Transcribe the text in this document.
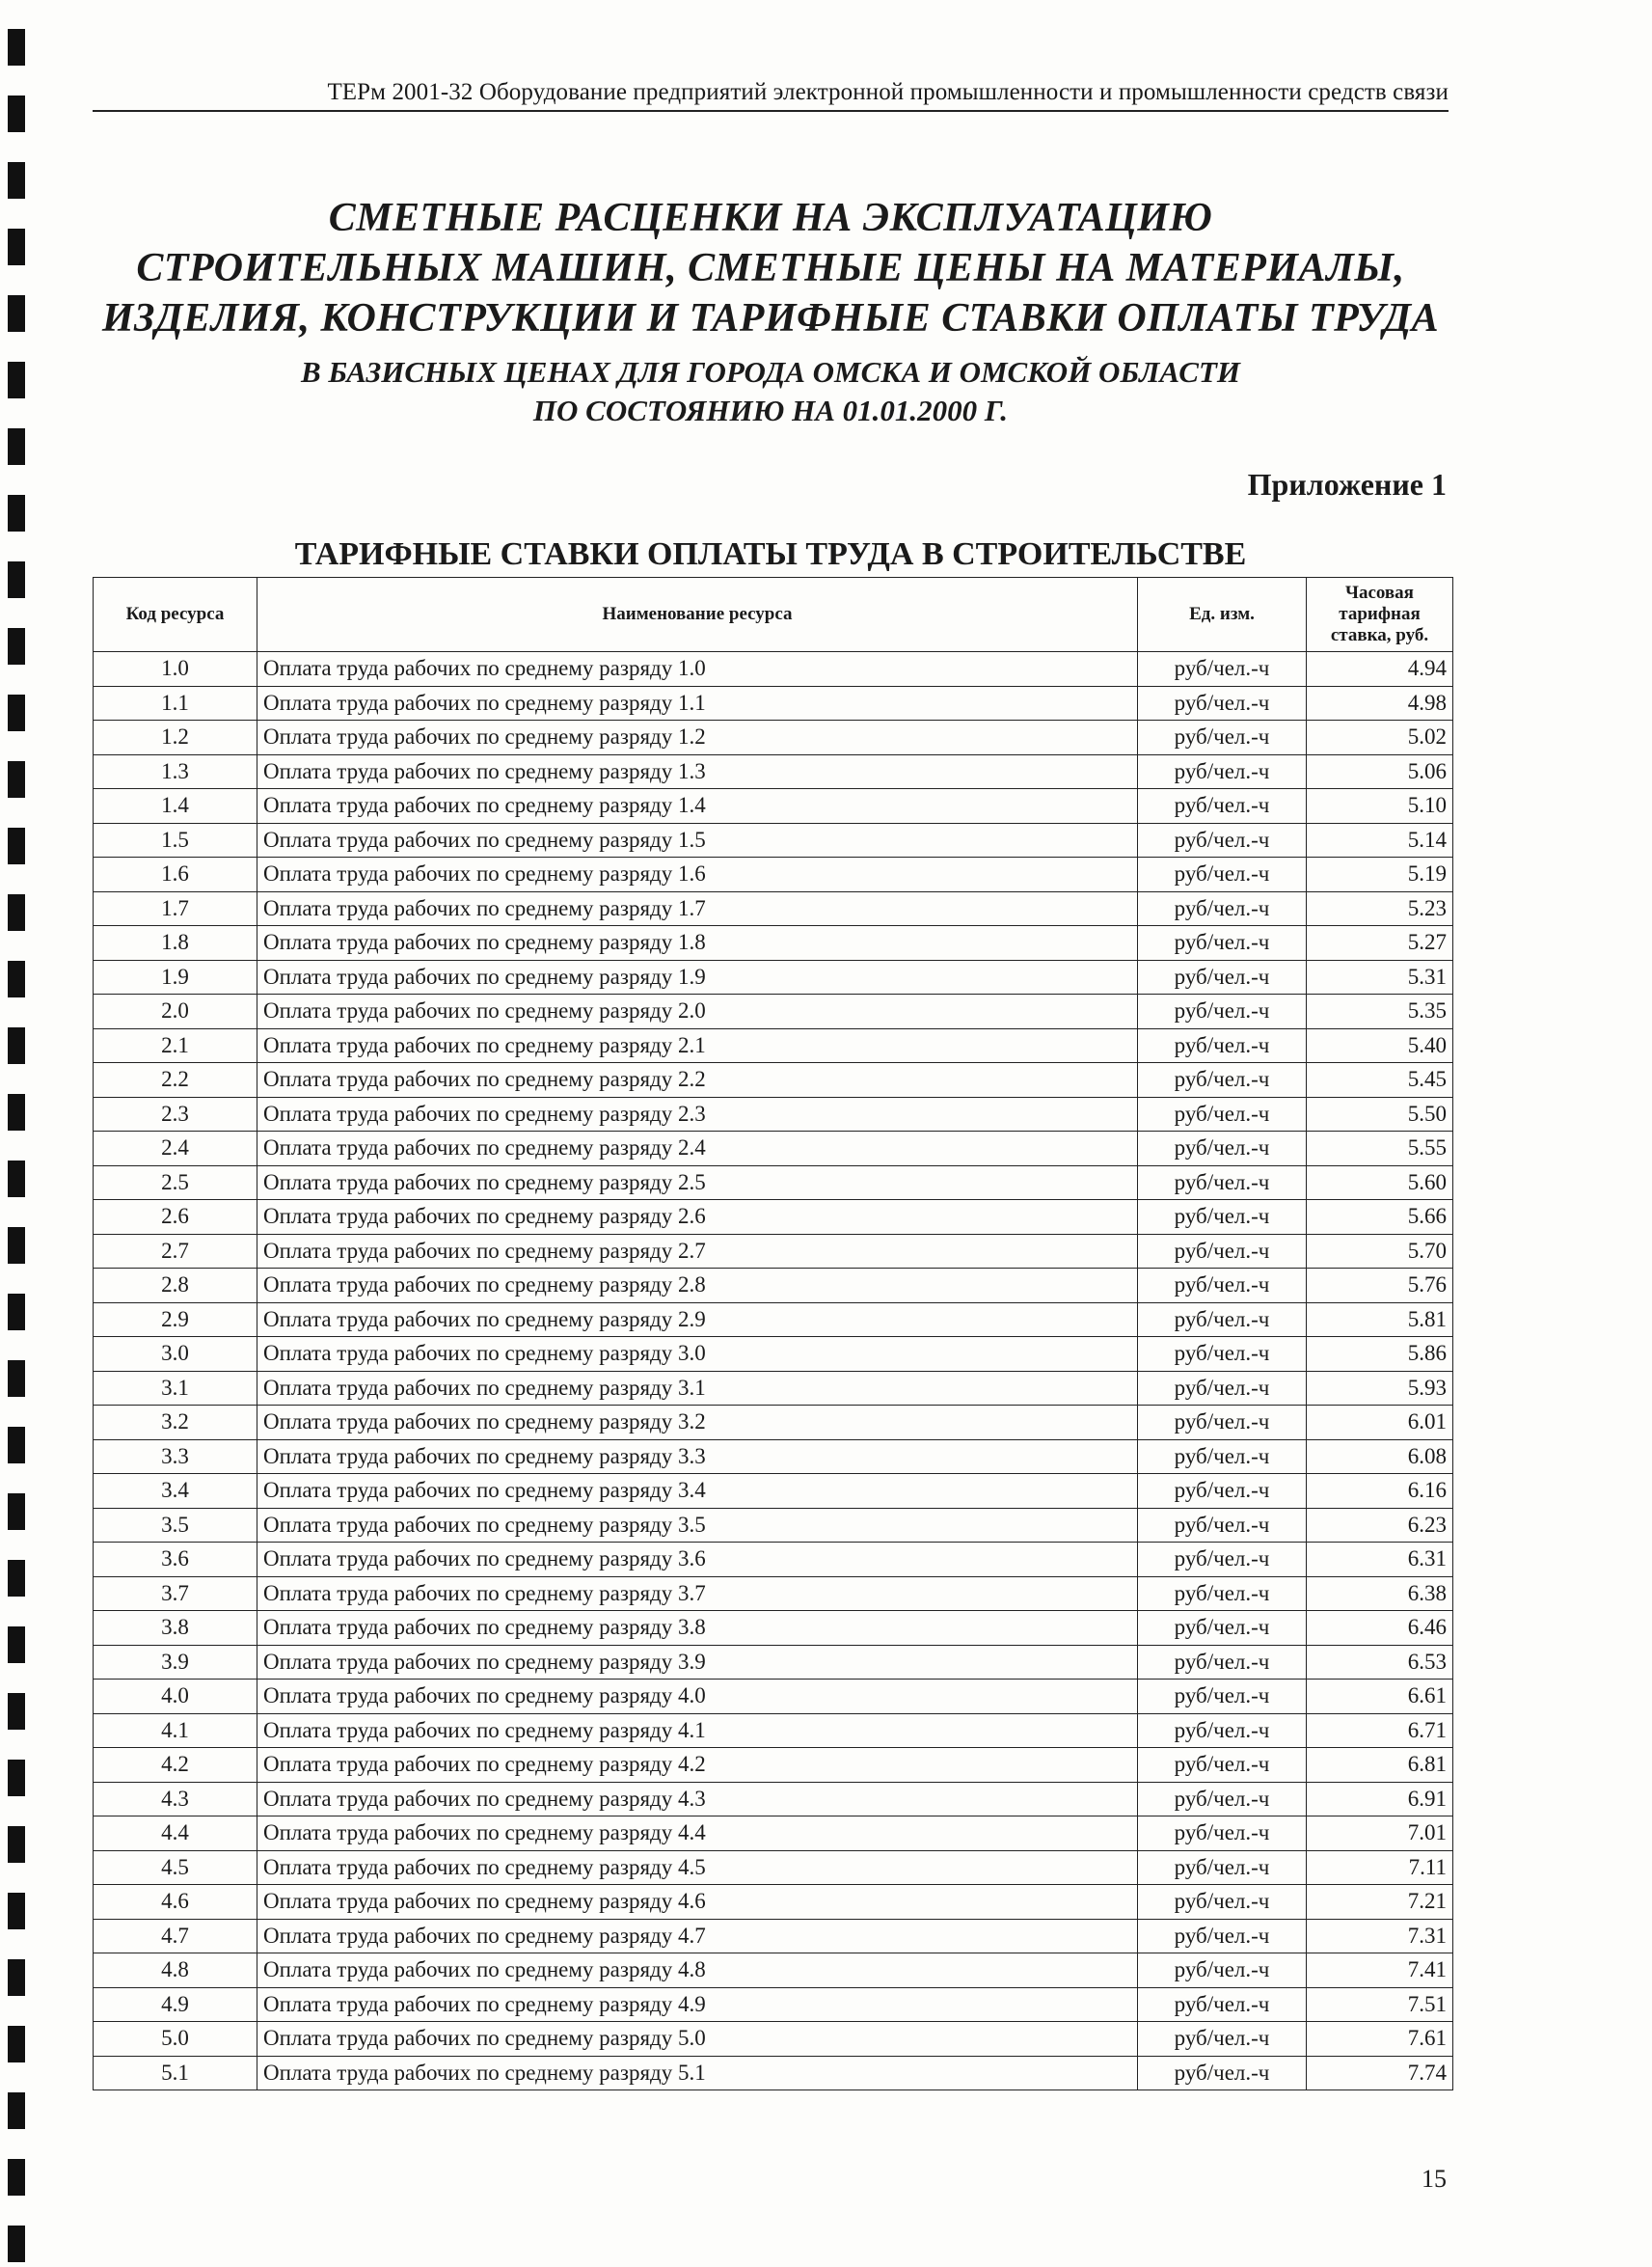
ТЕРм 2001-32 Оборудование предприятий электронной промышленности и промышленности средств связи
СМЕТНЫЕ РАСЦЕНКИ НА ЭКСПЛУАТАЦИЮ
СТРОИТЕЛЬНЫХ МАШИН, СМЕТНЫЕ ЦЕНЫ НА МАТЕРИАЛЫ,
ИЗДЕЛИЯ, КОНСТРУКЦИИ И ТАРИФНЫЕ СТАВКИ ОПЛАТЫ ТРУДА
В БАЗИСНЫХ ЦЕНАХ ДЛЯ ГОРОДА ОМСКА И ОМСКОЙ ОБЛАСТИ
ПО СОСТОЯНИЮ НА 01.01.2000 Г.
Приложение 1
ТАРИФНЫЕ СТАВКИ ОПЛАТЫ ТРУДА В СТРОИТЕЛЬСТВЕ
Код ресурса	Наименование ресурса	Ед. изм.	Часовая тарифная ставка, руб.
1.0	Оплата труда рабочих по среднему разряду 1.0	руб/чел.-ч	4.94
1.1	Оплата труда рабочих по среднему разряду 1.1	руб/чел.-ч	4.98
1.2	Оплата труда рабочих по среднему разряду 1.2	руб/чел.-ч	5.02
1.3	Оплата труда рабочих по среднему разряду 1.3	руб/чел.-ч	5.06
1.4	Оплата труда рабочих по среднему разряду 1.4	руб/чел.-ч	5.10
1.5	Оплата труда рабочих по среднему разряду 1.5	руб/чел.-ч	5.14
1.6	Оплата труда рабочих по среднему разряду 1.6	руб/чел.-ч	5.19
1.7	Оплата труда рабочих по среднему разряду 1.7	руб/чел.-ч	5.23
1.8	Оплата труда рабочих по среднему разряду 1.8	руб/чел.-ч	5.27
1.9	Оплата труда рабочих по среднему разряду 1.9	руб/чел.-ч	5.31
2.0	Оплата труда рабочих по среднему разряду 2.0	руб/чел.-ч	5.35
2.1	Оплата труда рабочих по среднему разряду 2.1	руб/чел.-ч	5.40
2.2	Оплата труда рабочих по среднему разряду 2.2	руб/чел.-ч	5.45
2.3	Оплата труда рабочих по среднему разряду 2.3	руб/чел.-ч	5.50
2.4	Оплата труда рабочих по среднему разряду 2.4	руб/чел.-ч	5.55
2.5	Оплата труда рабочих по среднему разряду 2.5	руб/чел.-ч	5.60
2.6	Оплата труда рабочих по среднему разряду 2.6	руб/чел.-ч	5.66
2.7	Оплата труда рабочих по среднему разряду 2.7	руб/чел.-ч	5.70
2.8	Оплата труда рабочих по среднему разряду 2.8	руб/чел.-ч	5.76
2.9	Оплата труда рабочих по среднему разряду 2.9	руб/чел.-ч	5.81
3.0	Оплата труда рабочих по среднему разряду 3.0	руб/чел.-ч	5.86
3.1	Оплата труда рабочих по среднему разряду 3.1	руб/чел.-ч	5.93
3.2	Оплата труда рабочих по среднему разряду 3.2	руб/чел.-ч	6.01
3.3	Оплата труда рабочих по среднему разряду 3.3	руб/чел.-ч	6.08
3.4	Оплата труда рабочих по среднему разряду 3.4	руб/чел.-ч	6.16
3.5	Оплата труда рабочих по среднему разряду 3.5	руб/чел.-ч	6.23
3.6	Оплата труда рабочих по среднему разряду 3.6	руб/чел.-ч	6.31
3.7	Оплата труда рабочих по среднему разряду 3.7	руб/чел.-ч	6.38
3.8	Оплата труда рабочих по среднему разряду 3.8	руб/чел.-ч	6.46
3.9	Оплата труда рабочих по среднему разряду 3.9	руб/чел.-ч	6.53
4.0	Оплата труда рабочих по среднему разряду 4.0	руб/чел.-ч	6.61
4.1	Оплата труда рабочих по среднему разряду 4.1	руб/чел.-ч	6.71
4.2	Оплата труда рабочих по среднему разряду 4.2	руб/чел.-ч	6.81
4.3	Оплата труда рабочих по среднему разряду 4.3	руб/чел.-ч	6.91
4.4	Оплата труда рабочих по среднему разряду 4.4	руб/чел.-ч	7.01
4.5	Оплата труда рабочих по среднему разряду 4.5	руб/чел.-ч	7.11
4.6	Оплата труда рабочих по среднему разряду 4.6	руб/чел.-ч	7.21
4.7	Оплата труда рабочих по среднему разряду 4.7	руб/чел.-ч	7.31
4.8	Оплата труда рабочих по среднему разряду 4.8	руб/чел.-ч	7.41
4.9	Оплата труда рабочих по среднему разряду 4.9	руб/чел.-ч	7.51
5.0	Оплата труда рабочих по среднему разряду 5.0	руб/чел.-ч	7.61
5.1	Оплата труда рабочих по среднему разряду 5.1	руб/чел.-ч	7.74
15
